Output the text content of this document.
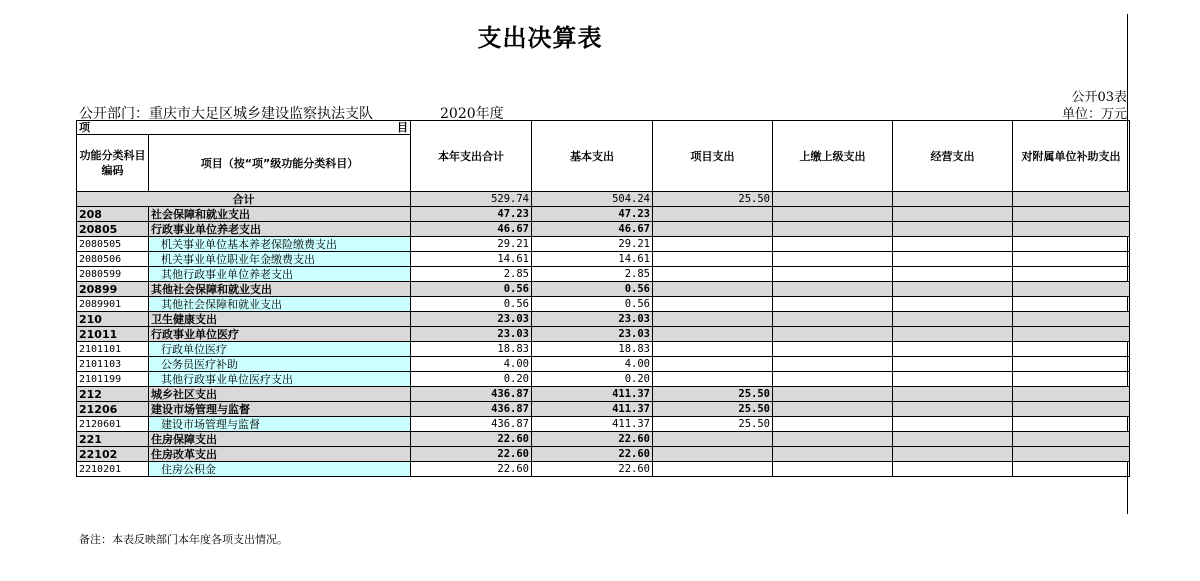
支出决算表
公开03表
公开部门：重庆市大足区城乡建设监察执法支队	2020年度	单位：万元
项 目		本年支出合计	基本支出	项目支出	上缴上级支出	经营支出	对附属单位补助支出
功能分类科目编码	项目（按“项”级功能分类科目）						
合计		529.74	504.24	25.50			
208	社会保障和就业支出	47.23	47.23				
20805	行政事业单位养老支出	46.67	46.67				
2080505	机关事业单位基本养老保险缴费支出	29.21	29.21				
2080506	机关事业单位职业年金缴费支出	14.61	14.61				
2080599	其他行政事业单位养老支出	2.85	2.85				
20899	其他社会保障和就业支出	0.56	0.56				
2089901	其他社会保障和就业支出	0.56	0.56				
210	卫生健康支出	23.03	23.03				
21011	行政事业单位医疗	23.03	23.03				
2101101	行政单位医疗	18.83	18.83				
2101103	公务员医疗补助	4.00	4.00				
2101199	其他行政事业单位医疗支出	0.20	0.20				
212	城乡社区支出	436.87	411.37	25.50			
21206	建设市场管理与监督	436.87	411.37	25.50			
2120601	建设市场管理与监督	436.87	411.37	25.50			
221	住房保障支出	22.60	22.60				
22102	住房改革支出	22.60	22.60				
2210201	住房公积金	22.60	22.60				
备注：本表反映部门本年度各项支出情况。
